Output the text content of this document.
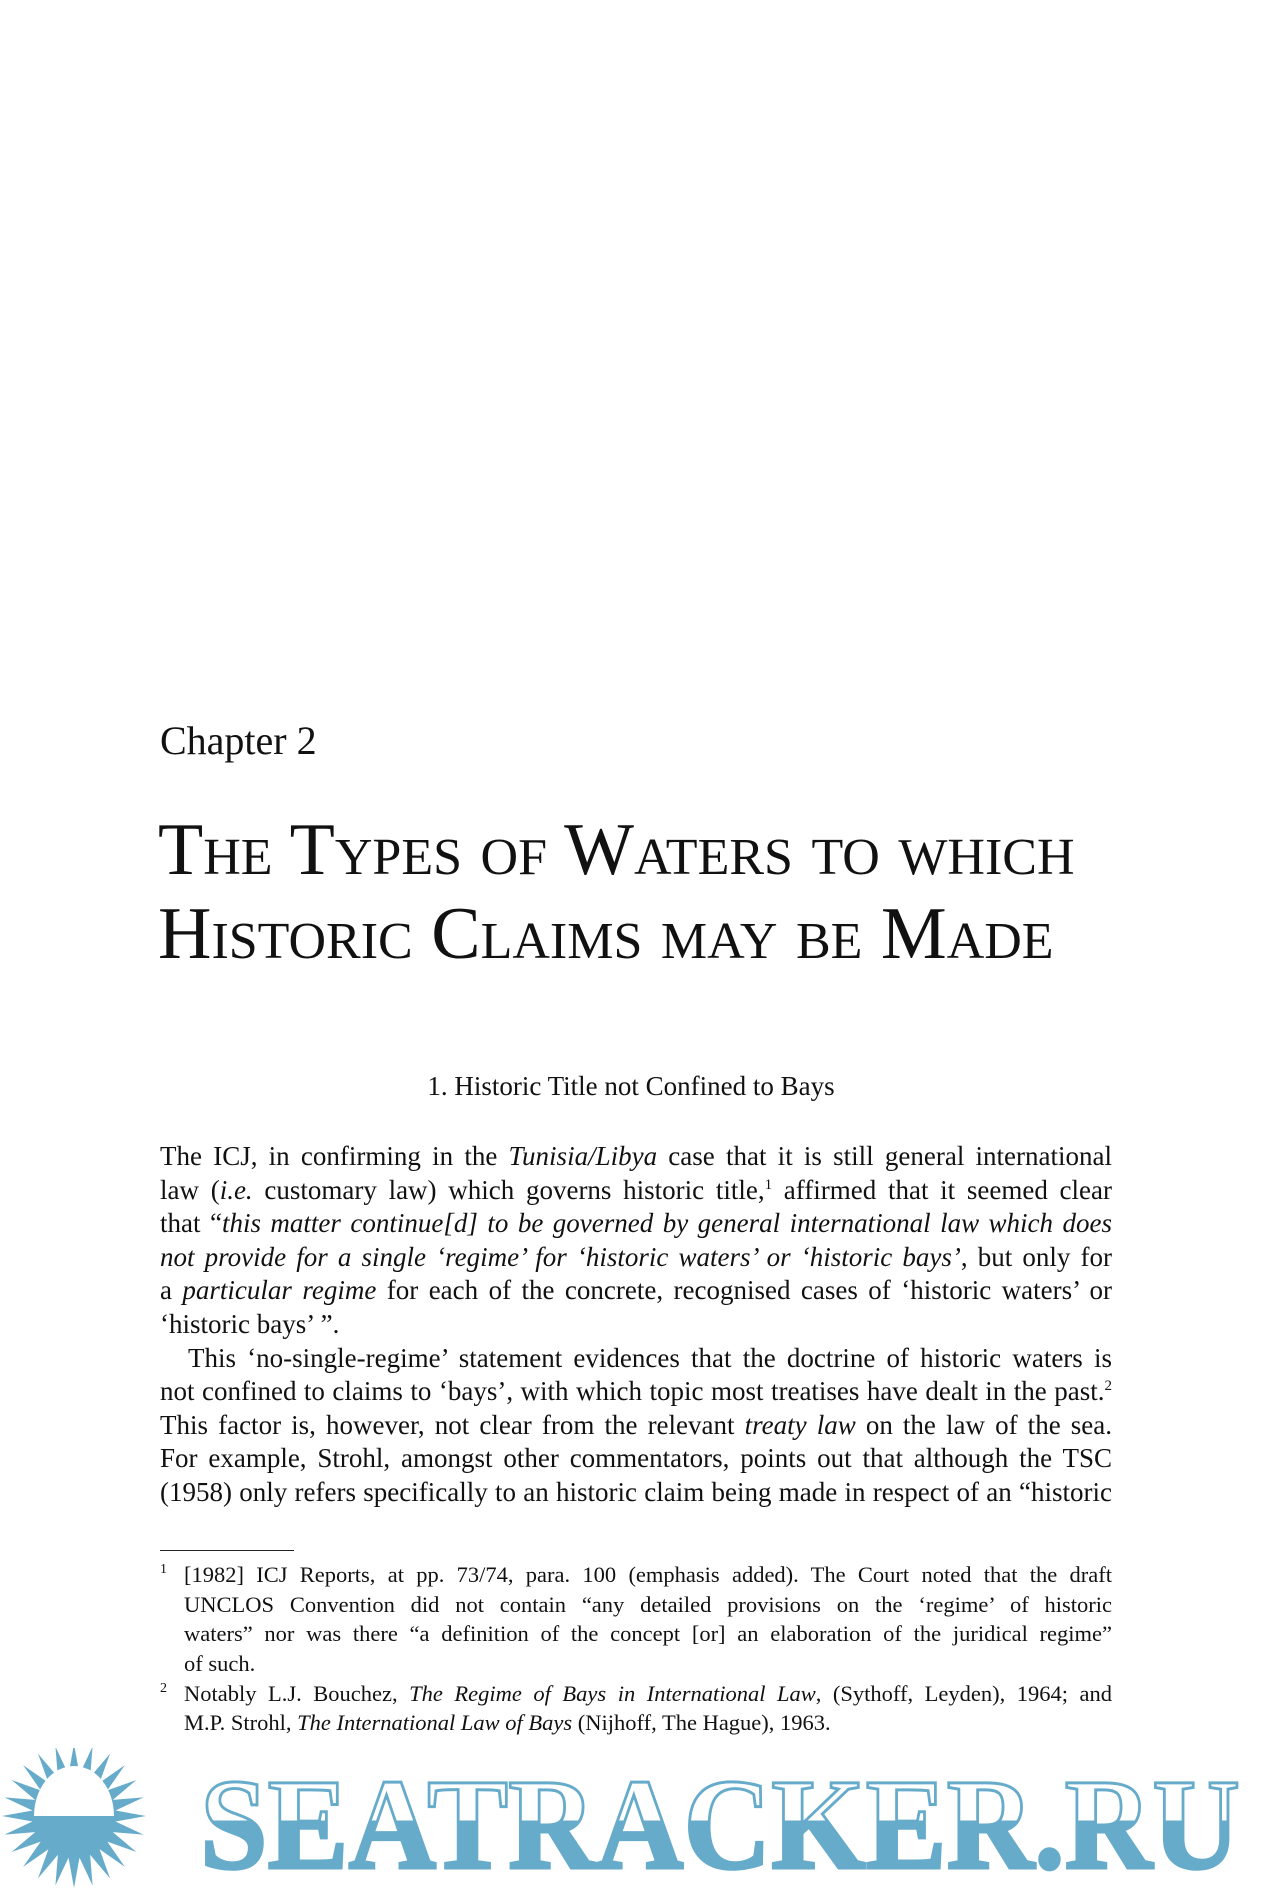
Chapter 2
The Types of Waters to which
Historic Claims may be Made
1. Historic Title not Confined to Bays
The ICJ, in confirming in the Tunisia/Libya case that it is still general international
law (i.e. customary law) which governs historic title,$^1$ affirmed that it seemed clear
that “this matter continue[d] to be governed by general international law which does
not provide for a single ‘regime’ for ‘historic waters’ or ‘historic bays’, but only for
a particular regime for each of the concrete, recognised cases of ‘historic waters’ or
‘historic bays’ ”.
This ‘no-single-regime’ statement evidences that the doctrine of historic waters is
not confined to claims to ‘bays’, with which topic most treatises have dealt in the past.$^2$
This factor is, however, not clear from the relevant treaty law on the law of the sea.
For example, Strohl, amongst other commentators, points out that although the TSC
(1958) only refers specifically to an historic claim being made in respect of an “historic
1 [1982] ICJ Reports, at pp. 73/74, para. 100 (emphasis added). The Court noted that the draft
UNCLOS Convention did not contain “any detailed provisions on the ‘regime’ of historic
waters” nor was there “a definition of the concept [or] an elaboration of the juridical regime”
of such.
2 Notably L.J. Bouchez, The Regime of Bays in International Law, (Sythoff, Leyden), 1964; and
M.P. Strohl, The International Law of Bays (Nijhoff, The Hague), 1963.
SEATRACKER.RU
